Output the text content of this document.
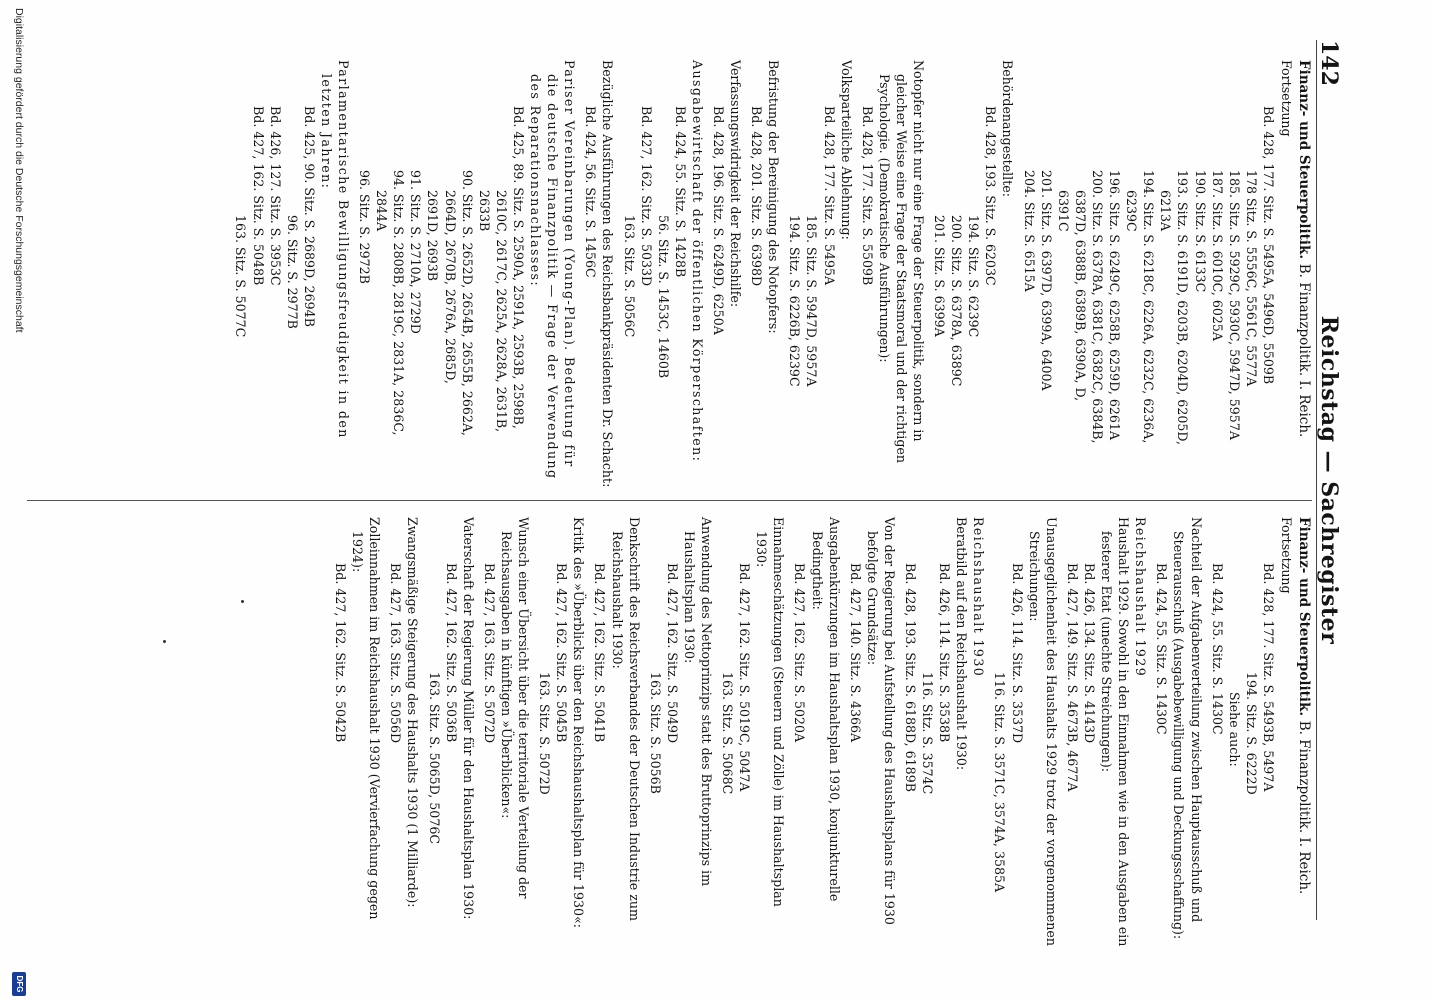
142
Reichstag — Sachregister
Finanz- und Steuerpolitik. B. Finanzpolitik. I. Reich.
Fortsetzung
Bd. 428, 177. Sitz. S. 5495A, 5496D, 5509B
178 Sitz. S. 5556C, 5561C, 5577A
185. Sitz. S. 5929C, 5930C, 5947D, 5957A
187. Sitz. S. 6010C, 6025A
190. Sitz. S. 6133C
193. Sitz. S. 6191D, 6203B, 6204D, 6205D,
6213A
194. Sitz. S. 6218C, 6226A, 6232C, 6236A,
6239C
196. Sitz. S. 6249C, 6258B, 6259D, 6261A
200. Sitz. S. 6378A, 6381C, 6382C, 6384B,
6387D, 6388B, 6389B, 6390A, D,
6391C
201. Sitz. S. 6397D, 6399A, 6400A
204. Sitz. S. 6515A
Behördenangestellte:
Bd. 428, 193. Sitz. S. 6203C
194. Sitz. S. 6239C
200. Sitz. S. 6378A, 6389C
201. Sitz. S. 6399A
Notopfer nicht nur eine Frage der Steuerpolitik, sondern in gleicher Weise eine Frage der Staatsmoral und der richtigen Psychologie. (Demokratische Ausführungen):
Bd. 428, 177. Sitz. S. 5509B
Volksparteiliche Ablehnung:
Bd. 428, 177. Sitz. S. 5495A
185. Sitz. S. 5947D, 5957A
194. Sitz. S. 6226B, 6239C
Befristung der Bereinigung des Notopfers:
Bd. 428, 201. Sitz. S. 6398D
Verfassungswidrigkeit der Reichshilfe:
Bd. 428, 196. Sitz. S. 6249D, 6250A
Ausgabewirtschaft der öffentlichen Körperschaften:
Bd. 424, 55. Sitz. S. 1428B
56. Sitz. S. 1453C, 1460B
Bd. 427, 162. Sitz. S. 5033D
163. Sitz. S. 5056C
Bezügliche Ausführungen des Reichsbankpräsidenten Dr. Schacht:
Bd. 424, 56. Sitz. S. 1456C
Pariser Vereinbarungen (Young-Plan). Bedeutung für die deutsche Finanzpolitik — Frage der Verwendung des Reparationsnachlasses:
Bd. 425, 89. Sitz. S. 2590A, 2591A, 2593B, 2598B,
2610C, 2617C, 2625A, 2628A, 2631B,
2633B
90. Sitz. S. 2652D, 2654B, 2655B, 2662A,
2664D, 2670B, 2676A, 2685D,
2691D, 2693B
91. Sitz. S. 2710A, 2729D
94. Sitz. S. 2808B, 2819C, 2831A, 2836C,
2844A
96. Sitz. S. 2972B
Parlamentarische Bewilligungsfreudigkeit in den letzten Jahren:
Bd. 425, 90. Sitz. S. 2689D, 2694B
96. Sitz. S. 2977B
Bd. 426, 127. Sitz. S. 3953C
Bd. 427, 162. Sitz. S. 5048B
163. Sitz. S. 5077C
Finanz- und Steuerpolitik. B. Finanzpolitik. I. Reich.
Fortsetzung
Bd. 428, 177. Sitz. S. 5493B, 5497A
194. Sitz. S. 6222D
Siehe auch:
Bd. 424, 55. Sitz. S. 1430C
Nachteil der Aufgabenverteilung zwischen Hauptausschuß und Steuerausschuß (Ausgabebewilligung und Deckungsschaffung):
Bd. 424, 55. Sitz. S. 1430C
Reichshaushalt 1929
Haushalt 1929. Sowohl in den Einnahmen wie in den Ausgaben ein festerer Etat (unechte Streichungen):
Bd. 426, 134. Sitz. S. 4143D
Bd. 427, 149. Sitz. S. 4673B, 4677A
Unausgeglichenheit des Haushalts 1929 trotz der vorgenommenen Streichungen:
Bd. 426, 114. Sitz. S. 3537D
116. Sitz. S. 3571C, 3574A, 3585A
Reichshaushalt 1930
Beratbild auf den Reichshaushalt 1930:
Bd. 426, 114. Sitz. S. 3538B
116. Sitz. S. 3574C
Bd. 428, 193. Sitz. S. 6188D, 6189B
Von der Regierung bei Aufstellung des Haushaltsplans für 1930 befolgte Grundsätze:
Bd. 427, 140. Sitz. S. 4366A
Ausgabenkürzungen im Haushaltsplan 1930, konjunkturelle Bedingtheit:
Bd. 427, 162. Sitz. S. 5020A
Einnahmeschätzungen (Steuern und Zölle) im Haushaltsplan 1930:
Bd. 427, 162. Sitz. S. 5019C, 5047A
163. Sitz. S. 5068C
Anwendung des Nettoprinzips statt des Bruttoprinzips im Haushaltsplan 1930:
Bd. 427, 162. Sitz. S. 5049D
163. Sitz. S. 5056B
Denkschrift des Reichsverbandes der Deutschen Industrie zum Reichshaushalt 1930:
Bd. 427, 162. Sitz. S. 5041B
Kritik des »Überblicks über den Reichshaushaltsplan für 1930«:
Bd. 427, 162. Sitz. S. 5045B
163. Sitz. S. 5072D
Wunsch einer Übersicht über die territoriale Verteilung der Reichsausgaben in künftigen »Überblicken«:
Bd. 427, 163. Sitz. S. 5072D
Vaterschaft der Regierung Müller für den Haushaltsplan 1930:
Bd. 427, 162. Sitz. S. 5036B
163. Sitz. S. 5065D, 5076C
Zwangsmäßige Steigerung des Haushalts 1930 (1 Milliarde):
Bd. 427, 163. Sitz. S. 5056D
Zolleinnahmen im Reichshaushalt 1930 (Vervierfachung gegen 1924):
Bd. 427, 162. Sitz. S. 5042B
Digitalisierung gefördert durch die Deutsche Forschungsgemeinschaft
DFG
